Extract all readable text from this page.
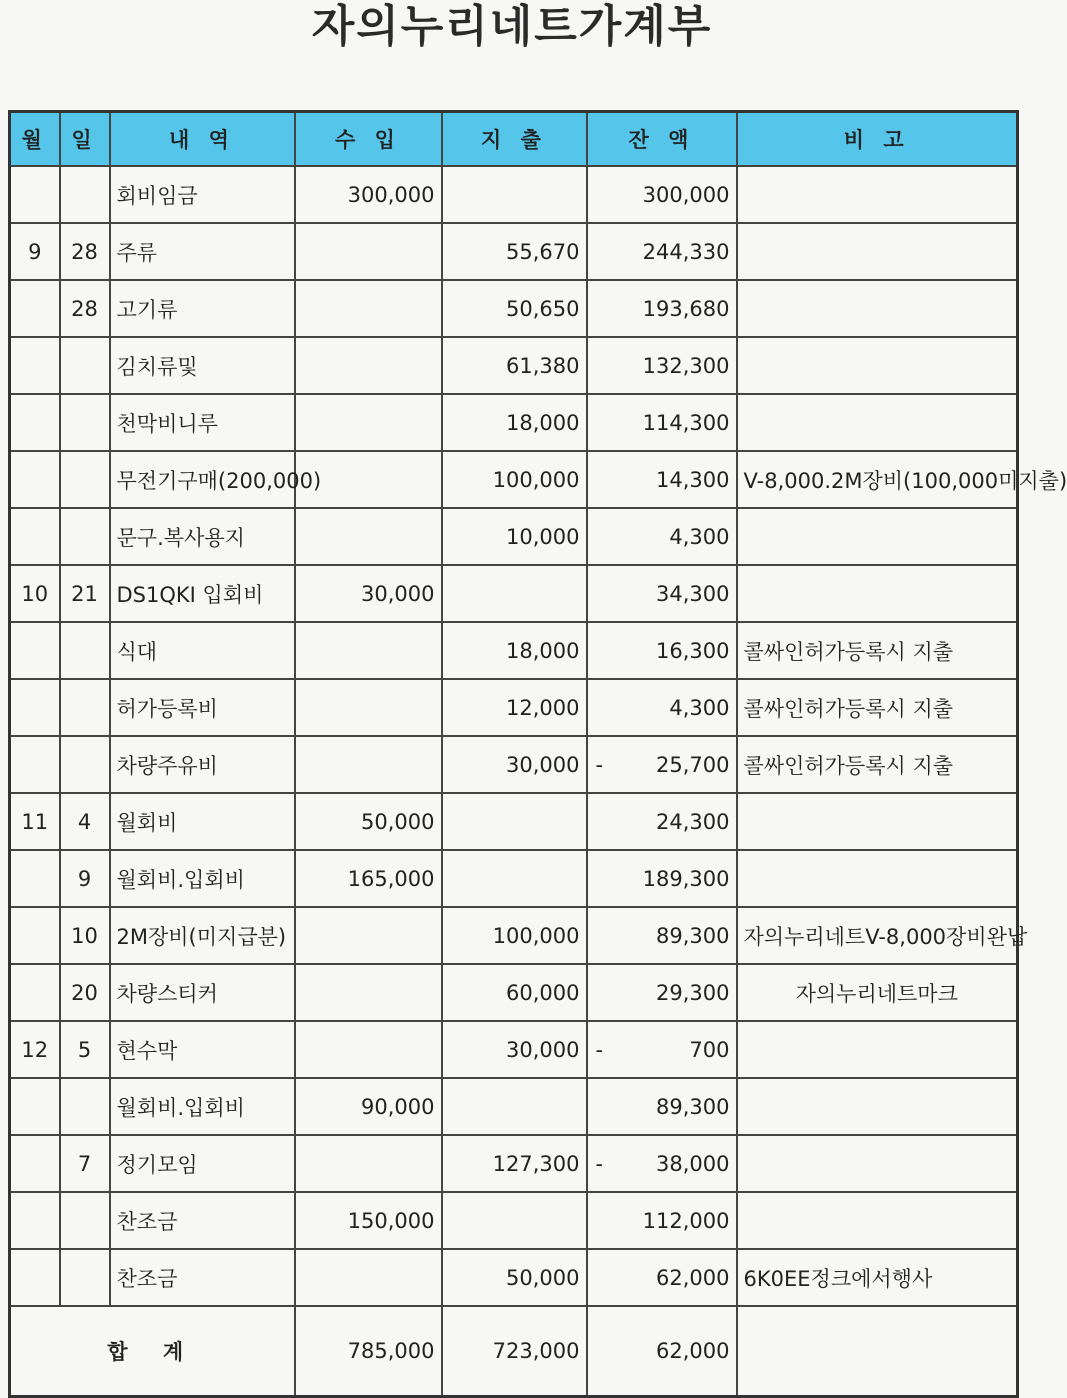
자의누리네트가계부
월	일	내 역	수 입	지 출	잔 액	비 고
		회비임금	300,000		300,000	
9	28	주류		55,670	244,330	
	28	고기류		50,650	193,680	
		김치류및		61,380	132,300	
		천막비니루		18,000	114,300	
		무전기구매(200,000)		100,000	14,300	V-8,000.2M장비(100,000미지출)
		문구.복사용지		10,000	4,300	
10	21	DS1QKI 입회비	30,000		34,300	
		식대		18,000	16,300	콜싸인허가등록시 지출
		허가등록비		12,000	4,300	콜싸인허가등록시 지출
		차량주유비		30,000	- 25,700	콜싸인허가등록시 지출
11	4	월회비	50,000		24,300	
	9	월회비.입회비	165,000		189,300	
	10	2M장비(미지급분)		100,000	89,300	자의누리네트V-8,000장비완납
	20	차량스티커		60,000	29,300	자의누리네트마크
12	5	현수막		30,000	- 700	
		월회비.입회비	90,000		89,300	
	7	정기모임		127,300	- 38,000	
		찬조금	150,000		112,000	
		찬조금		50,000	62,000	6K0EE정크에서행사
합 계			785,000	723,000	62,000	
